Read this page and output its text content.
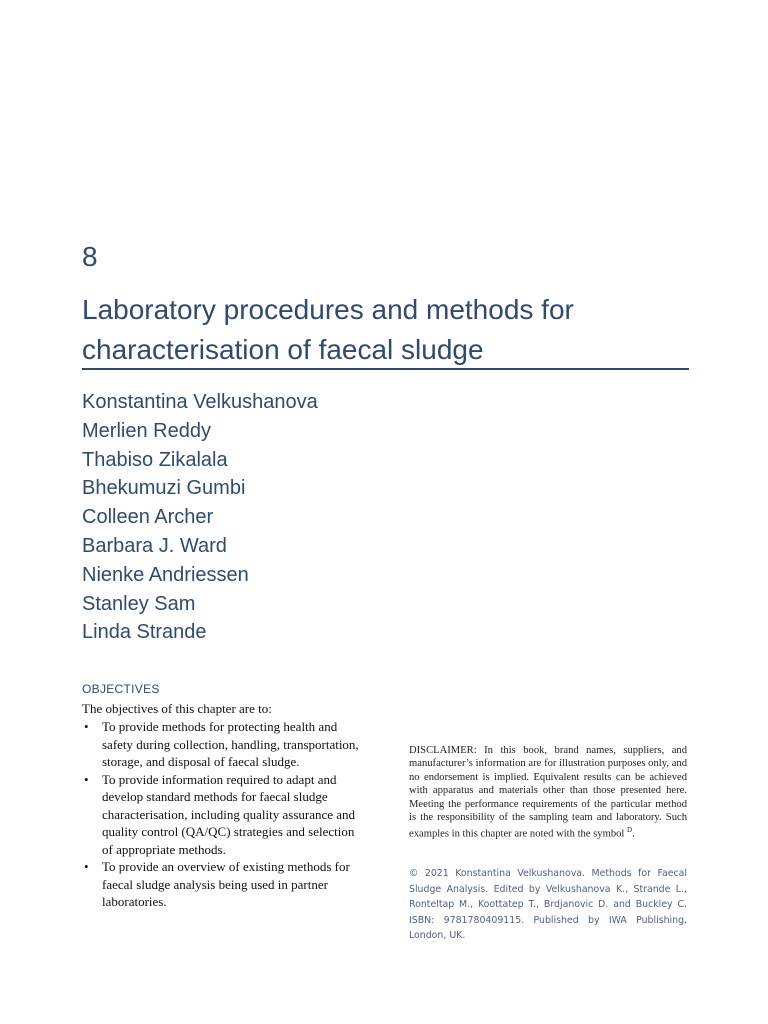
8
Laboratory procedures and methods for characterisation of faecal sludge
Konstantina Velkushanova
Merlien Reddy
Thabiso Zikalala
Bhekumuzi Gumbi
Colleen Archer
Barbara J. Ward
Nienke Andriessen
Stanley Sam
Linda Strande
OBJECTIVES
The objectives of this chapter are to:
• To provide methods for protecting health and safety during collection, handling, transportation, storage, and disposal of faecal sludge.
• To provide information required to adapt and develop standard methods for faecal sludge characterisation, including quality assurance and quality control (QA/QC) strategies and selection of appropriate methods.
• To provide an overview of existing methods for faecal sludge analysis being used in partner laboratories.

DISCLAIMER: In this book, brand names, suppliers, and manufacturer’s information are for illustration purposes only, and no endorsement is implied. Equivalent results can be achieved with apparatus and materials other than those presented here. Meeting the performance requirements of the particular method is the responsibility of the sampling team and laboratory. Such examples in this chapter are noted with the symbol $^D$.

© 2021 Konstantina Velkushanova. Methods for Faecal Sludge Analysis. Edited by Velkushanova K., Strande L., Ronteltap M., Koottatep T., Brdjanovic D. and Buckley C. ISBN: 9781780409115. Published by IWA Publishing, London, UK.
